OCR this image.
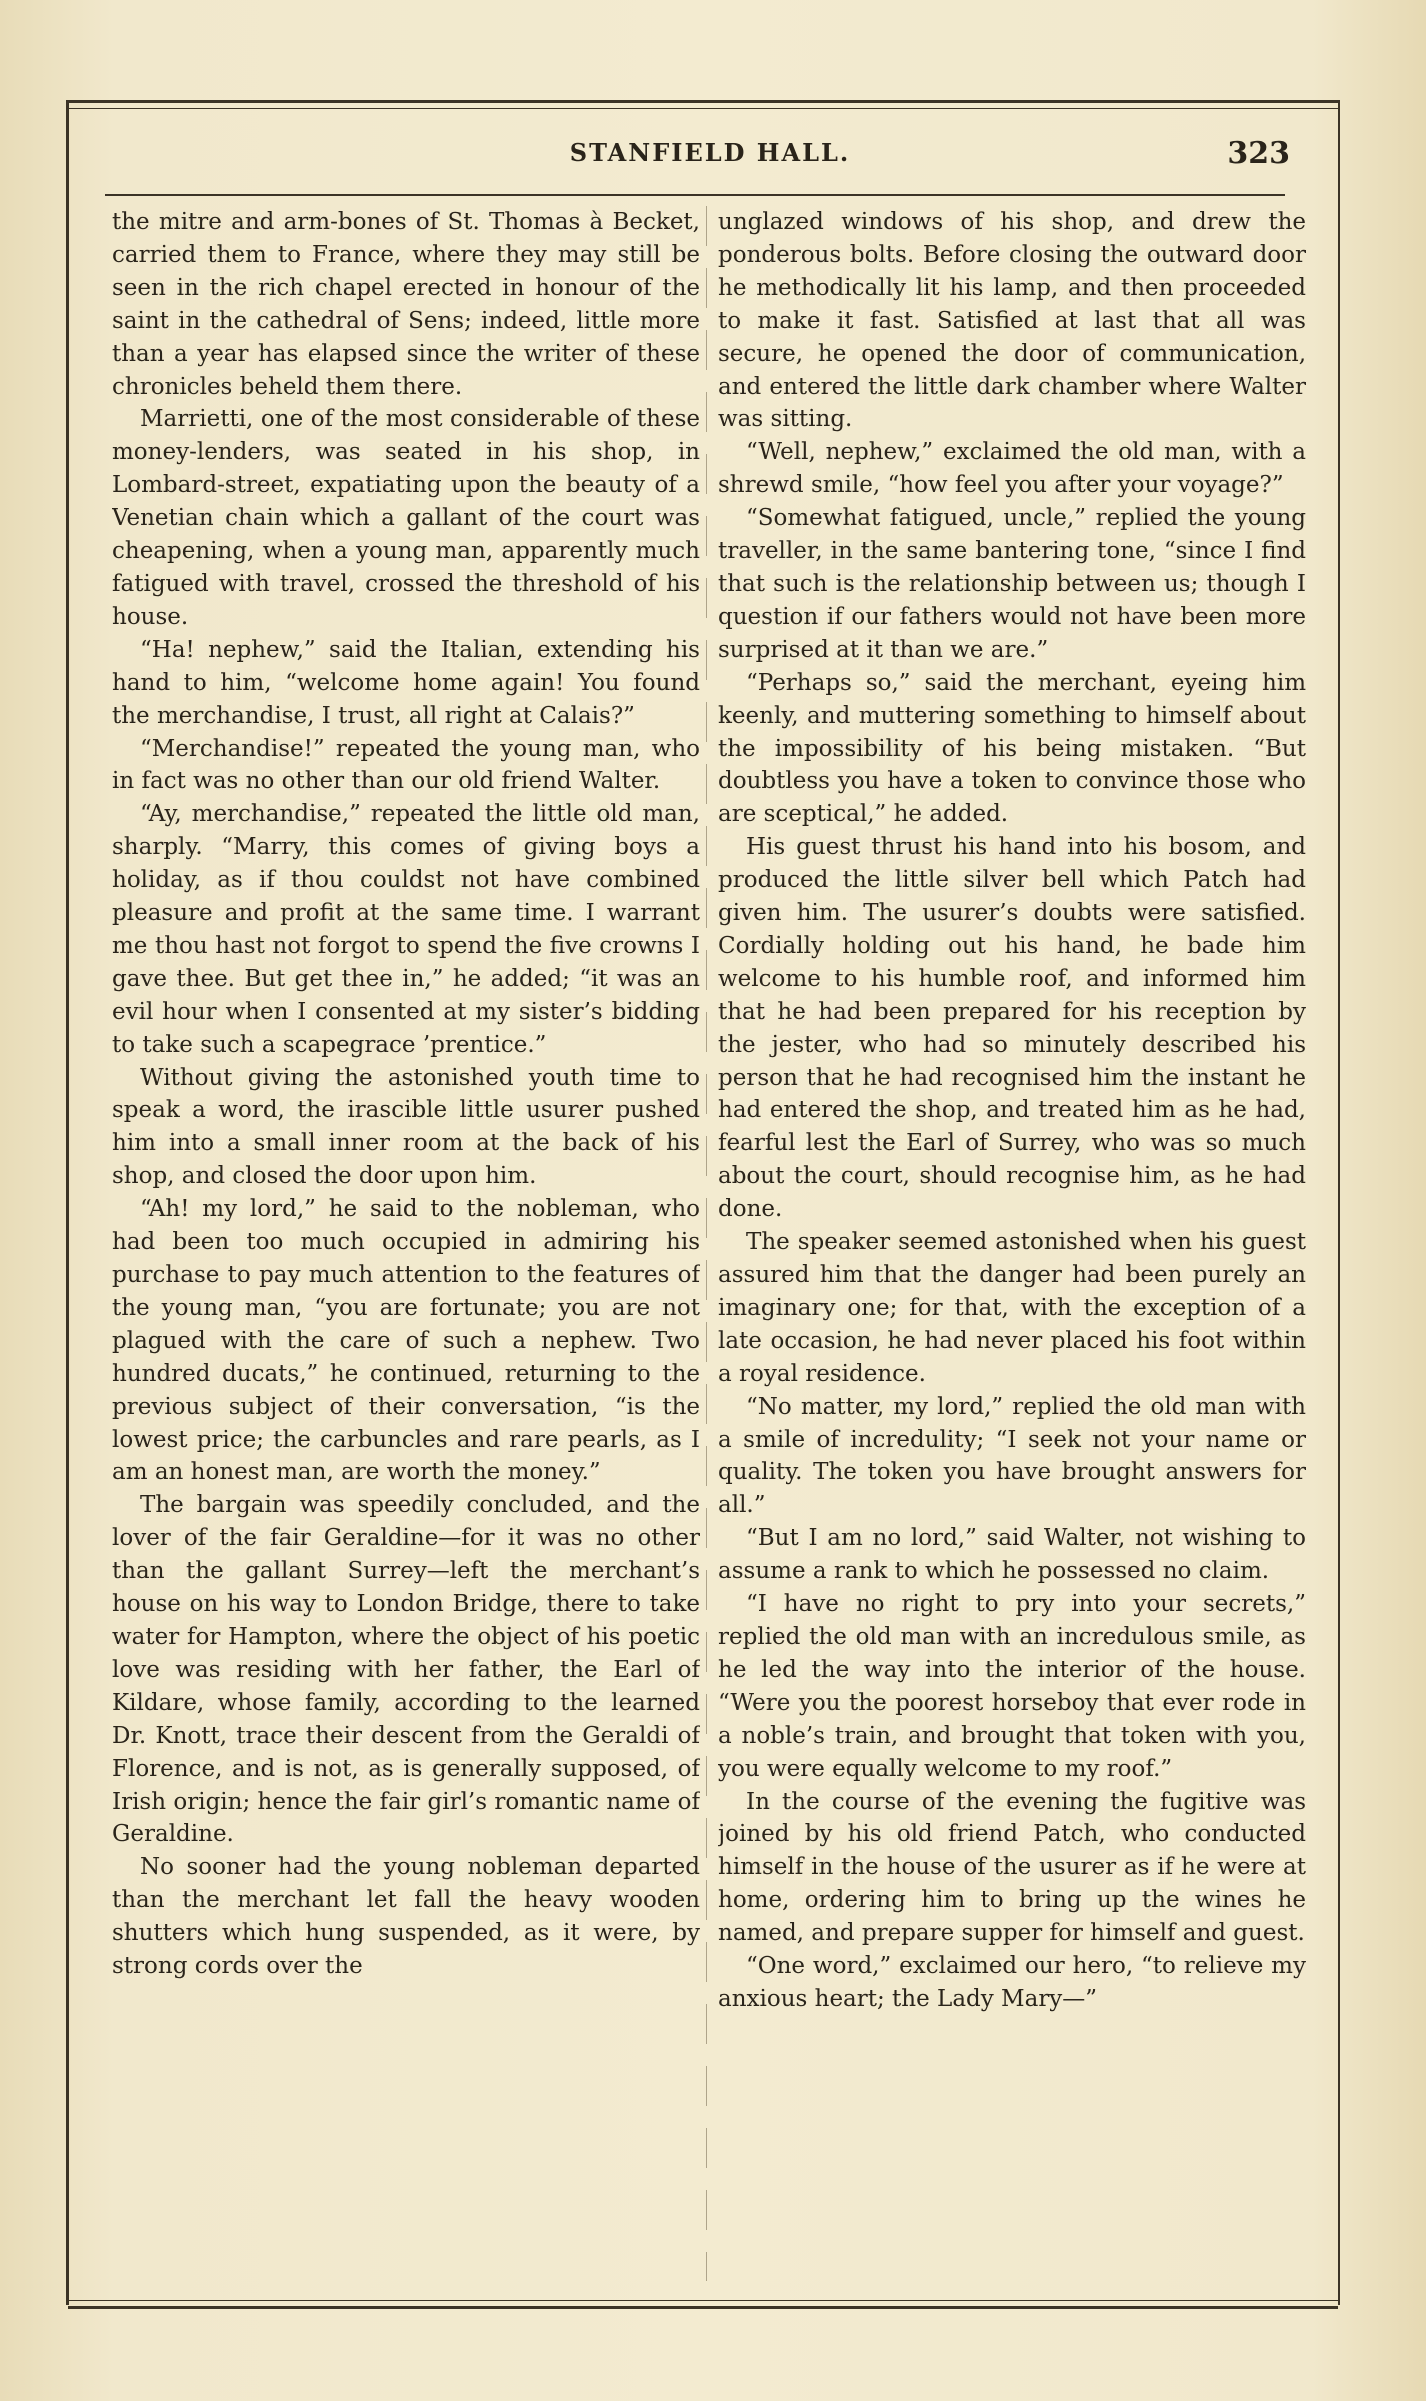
STANFIELD HALL.	323

the mitre and arm-bones of St. Thomas à Becket, carried them to France, where they may still be seen in the rich chapel erected in honour of the saint in the cathedral of Sens; indeed, little more than a year has elapsed since the writer of these chronicles beheld them there.

Marrietti, one of the most considerable of these money-lenders, was seated in his shop, in Lombard-street, expatiating upon the beauty of a Venetian chain which a gallant of the court was cheapening, when a young man, apparently much fatigued with travel, crossed the threshold of his house.

“Ha! nephew,” said the Italian, extending his hand to him, “welcome home again! You found the merchandise, I trust, all right at Calais?”

“Merchandise!” repeated the young man, who in fact was no other than our old friend Walter.

“Ay, merchandise,” repeated the little old man, sharply. “Marry, this comes of giving boys a holiday, as if thou couldst not have combined pleasure and profit at the same time. I warrant me thou hast not forgot to spend the five crowns I gave thee. But get thee in,” he added; “it was an evil hour when I consented at my sister’s bidding to take such a scapegrace ’prentice.”

Without giving the astonished youth time to speak a word, the irascible little usurer pushed him into a small inner room at the back of his shop, and closed the door upon him.

“Ah! my lord,” he said to the nobleman, who had been too much occupied in admiring his purchase to pay much attention to the features of the young man, “you are fortunate; you are not plagued with the care of such a nephew. Two hundred ducats,” he continued, returning to the previous subject of their conversation, “is the lowest price; the carbuncles and rare pearls, as I am an honest man, are worth the money.”

The bargain was speedily concluded, and the lover of the fair Geraldine—for it was no other than the gallant Surrey—left the merchant’s house on his way to London Bridge, there to take water for Hampton, where the object of his poetic love was residing with her father, the Earl of Kildare, whose family, according to the learned Dr. Knott, trace their descent from the Geraldi of Florence, and is not, as is generally supposed, of Irish origin; hence the fair girl’s romantic name of Geraldine.

No sooner had the young nobleman departed than the merchant let fall the heavy wooden shutters which hung suspended, as it were, by strong cords over the

unglazed windows of his shop, and drew the ponderous bolts. Before closing the outward door he methodically lit his lamp, and then proceeded to make it fast. Satisfied at last that all was secure, he opened the door of communication, and entered the little dark chamber where Walter was sitting.

“Well, nephew,” exclaimed the old man, with a shrewd smile, “how feel you after your voyage?”

“Somewhat fatigued, uncle,” replied the young traveller, in the same bantering tone, “since I find that such is the relationship between us; though I question if our fathers would not have been more surprised at it than we are.”

“Perhaps so,” said the merchant, eyeing him keenly, and muttering something to himself about the impossibility of his being mistaken. “But doubtless you have a token to convince those who are sceptical,” he added.

His guest thrust his hand into his bosom, and produced the little silver bell which Patch had given him. The usurer’s doubts were satisfied. Cordially holding out his hand, he bade him welcome to his humble roof, and informed him that he had been prepared for his reception by the jester, who had so minutely described his person that he had recognised him the instant he had entered the shop, and treated him as he had, fearful lest the Earl of Surrey, who was so much about the court, should recognise him, as he had done.

The speaker seemed astonished when his guest assured him that the danger had been purely an imaginary one; for that, with the exception of a late occasion, he had never placed his foot within a royal residence.

“No matter, my lord,” replied the old man with a smile of incredulity; “I seek not your name or quality. The token you have brought answers for all.”

“But I am no lord,” said Walter, not wishing to assume a rank to which he possessed no claim.

“I have no right to pry into your secrets,” replied the old man with an incredulous smile, as he led the way into the interior of the house. “Were you the poorest horseboy that ever rode in a noble’s train, and brought that token with you, you were equally welcome to my roof.”

In the course of the evening the fugitive was joined by his old friend Patch, who conducted himself in the house of the usurer as if he were at home, ordering him to bring up the wines he named, and prepare supper for himself and guest.

“One word,” exclaimed our hero, “to relieve my anxious heart; the Lady Mary—”
